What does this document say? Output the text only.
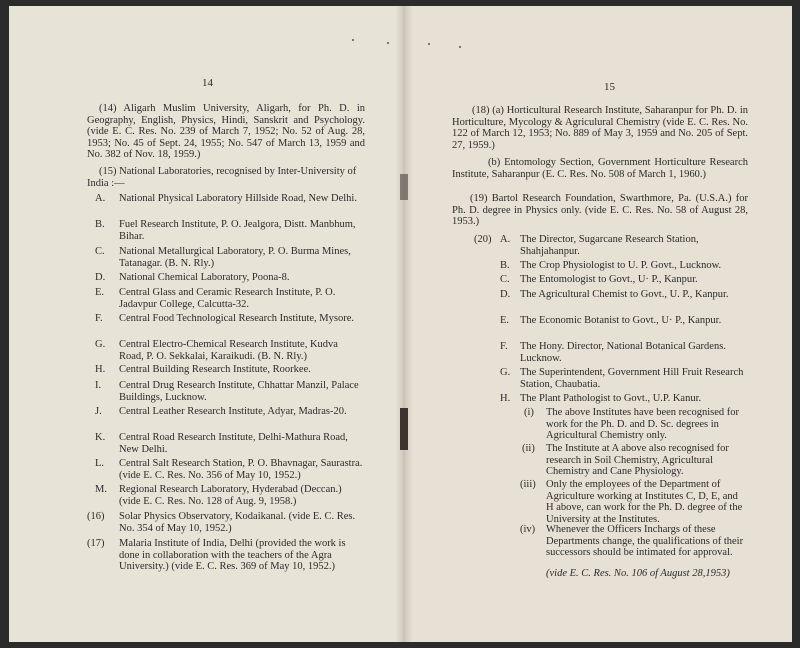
14
(14) Aligarh Muslim University, Aligarh, for Ph. D. in Geography, English, Physics, Hindi, Sanskrit and Psychology. (vide E. C. Res. No. 239 of March 7, 1952; No. 52 of Aug. 28, 1953; No. 45 of Sept. 24, 1955; No. 547 of March 13, 1959 and No. 382 of Nov. 18, 1959.)
(15) National Laboratories, recognised by Inter-University of India :—
A. National Physical Laboratory Hillside Road, New Delhi.
B. Fuel Research Institute, P. O. Jealgora, Distt. Manbhum, Bihar.
C. National Metallurgical Laboratory, P. O. Burma Mines, Tatanagar. (B. N. Rly.)
D. National Chemical Laboratory, Poona-8.
E. Central Glass and Ceramic Research Institute, P. O. Jadavpur College, Calcutta-32.
F. Central Food Technological Research Institute, Mysore.
G. Central Electro-Chemical Research Institute, Kudva Road, P. O. Sekkalai, Karaikudi. (B. N. Rly.)
H. Central Building Research Institute, Roorkee.
I. Central Drug Research Institute, Chhattar Manzil, Palace Buildings, Lucknow.
J. Central Leather Research Institute, Adyar, Madras-20.
K. Central Road Research Institute, Delhi-Mathura Road, New Delhi.
L. Central Salt Research Station, P. O. Bhavnagar, Saurastra. (vide E. C. Res. No. 356 of May 10, 1952.)
M. Regional Research Laboratory, Hyderabad (Deccan.) (vide E. C. Res. No. 128 of Aug. 9, 1958.)
(16) Solar Physics Observatory, Kodaikanal. (vide E. C. Res. No. 354 of May 10, 1952.)
(17) Malaria Institute of India, Delhi (provided the work is done in collaboration with the teachers of the Agra University.) (vide E. C. Res. 369 of May 10, 1952.)
15
(18) (a) Horticultural Research Institute, Saharanpur for Ph. D. in Horticulture, Mycology & Agriculural Chemistry (vide E. C. Res. No. 122 of March 12, 1953; No. 889 of May 3, 1959 and No. 205 of Sept. 27, 1959.)
(b) Entomology Section, Government Horticulture Research Institute, Saharanpur (E. C. Res. No. 508 of March 1, 1960.)
(19) Bartol Research Foundation, Swarthmore, Pa. (U.S.A.) for Ph. D. degree in Physics only. (vide E. C. Res. No. 58 of August 28, 1953.)
(20) A. The Director, Sugarcane Research Station, Shahjahanpur.
B. The Crop Physiologist to U. P. Govt., Lucknow.
C. The Entomologist to Govt., U· P., Kanpur.
D. The Agricultural Chemist to Govt., U. P., Kanpur.
E. The Economic Botanist to Govt., U· P., Kanpur.
F. The Hony. Director, National Botanical Gardens. Lucknow.
G. The Superintendent, Government Hill Fruit Research Station, Chaubatia.
H. The Plant Pathologist to Govt., U.P. Kanur.
(i) The above Institutes have been recognised for work for the Ph. D. and D. Sc. degrees in Agricultural Chemistry only.
(ii) The Institute at A above also recognised for research in Soil Chemistry, Agricultural Chemistry and Cane Physiology.
(iii) Only the employees of the Department of Agriculture working at Institutes C, D, E, and H above, can work for the Ph. D. degree of the University at the Institutes.
(iv) Whenever the Officers Inchargs of these Departments change, the qualifications of their successors should be intimated for approval.
(vide E. C. Res. No. 106 of August 28,1953)
